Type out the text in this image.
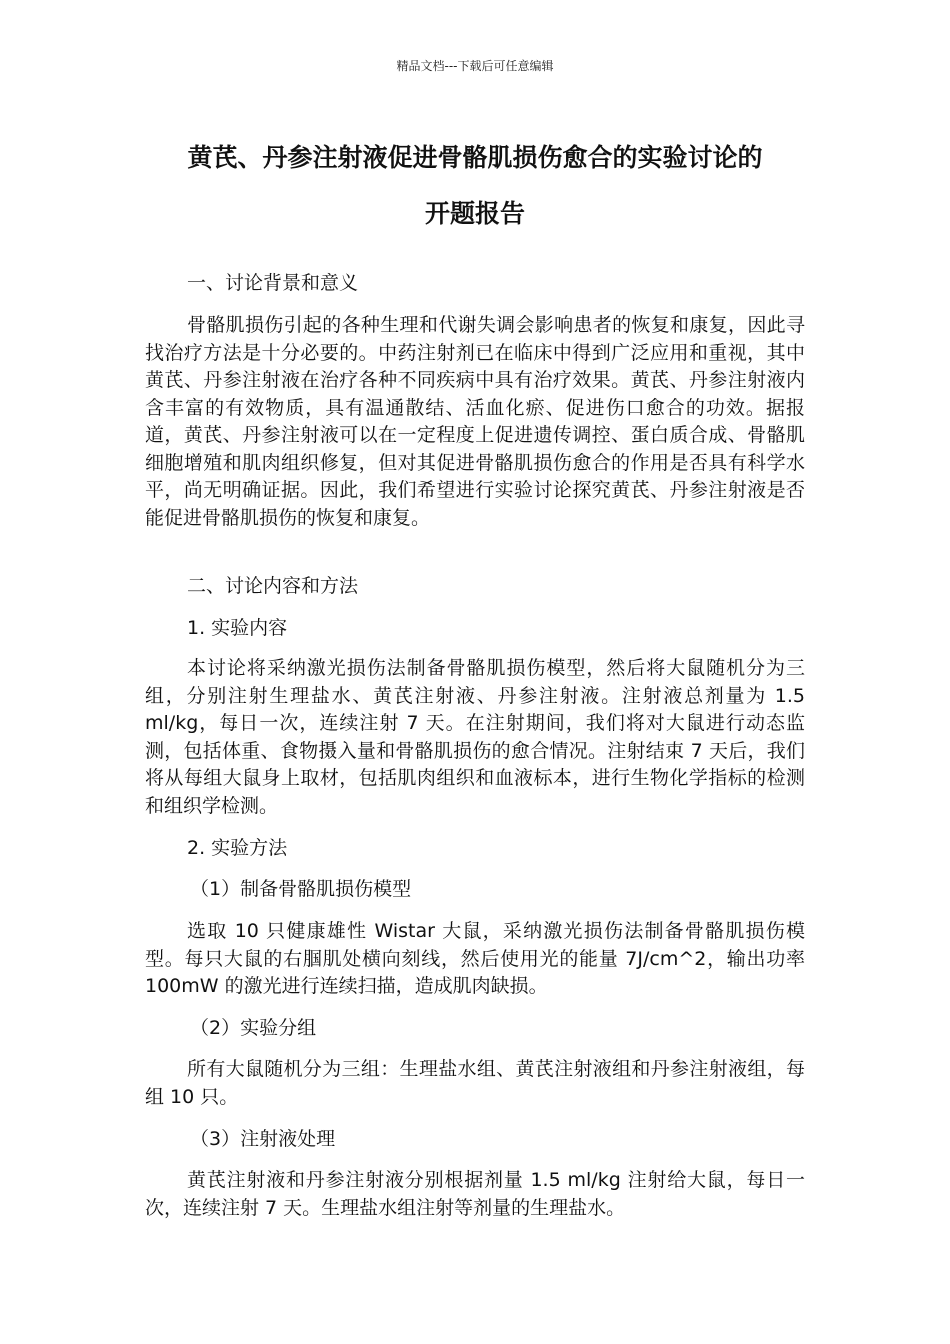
精品文档---下载后可任意编辑
黄芪、丹参注射液促进骨骼肌损伤愈合的实验讨论的
开题报告

一、讨论背景和意义

骨骼肌损伤引起的各种生理和代谢失调会影响患者的恢复和康复，因此寻找治疗方法是十分必要的。中药注射剂已在临床中得到广泛应用和重视，其中黄芪、丹参注射液在治疗各种不同疾病中具有治疗效果。黄芪、丹参注射液内含丰富的有效物质，具有温通散结、活血化瘀、促进伤口愈合的功效。据报道，黄芪、丹参注射液可以在一定程度上促进遗传调控、蛋白质合成、骨骼肌细胞增殖和肌肉组织修复，但对其促进骨骼肌损伤愈合的作用是否具有科学水平，尚无明确证据。因此，我们希望进行实验讨论探究黄芪、丹参注射液是否能促进骨骼肌损伤的恢复和康复。

二、讨论内容和方法

1. 实验内容

本讨论将采纳激光损伤法制备骨骼肌损伤模型，然后将大鼠随机分为三组，分别注射生理盐水、黄芪注射液、丹参注射液。注射液总剂量为 1.5 ml/kg，每日一次，连续注射 7 天。在注射期间，我们将对大鼠进行动态监测，包括体重、食物摄入量和骨骼肌损伤的愈合情况。注射结束 7 天后，我们将从每组大鼠身上取材，包括肌肉组织和血液标本，进行生物化学指标的检测和组织学检测。

2. 实验方法

（1）制备骨骼肌损伤模型

选取 10 只健康雄性 Wistar 大鼠，采纳激光损伤法制备骨骼肌损伤模型。每只大鼠的右腘肌处横向刻线，然后使用光的能量 7J/cm^2，输出功率 100mW 的激光进行连续扫描，造成肌肉缺损。

（2）实验分组

所有大鼠随机分为三组：生理盐水组、黄芪注射液组和丹参注射液组，每组 10 只。

（3）注射液处理

黄芪注射液和丹参注射液分别根据剂量 1.5 ml/kg 注射给大鼠，每日一次，连续注射 7 天。生理盐水组注射等剂量的生理盐水。
